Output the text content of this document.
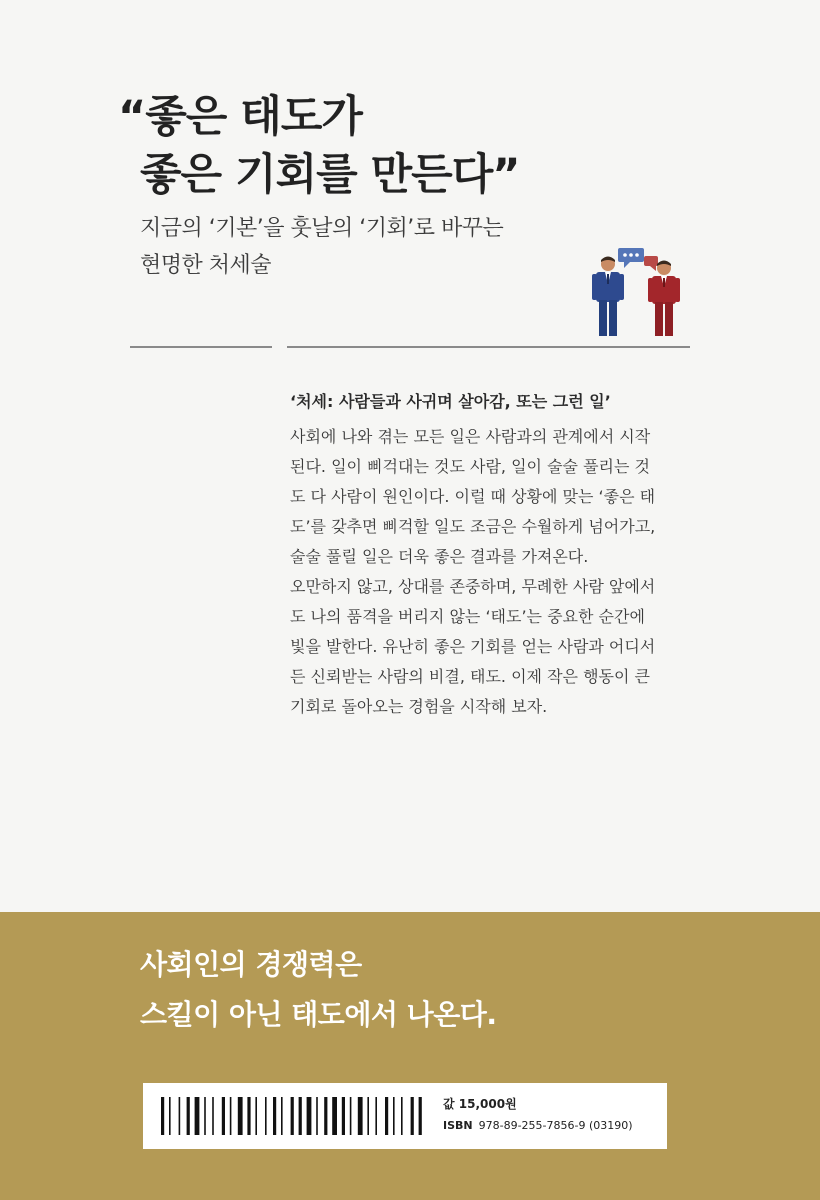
“좋은 태도가
좋은 기회를 만든다”

지금의 ‘기본’을 훗날의 ‘기회’로 바꾸는
현명한 처세술

‘처세: 사람들과 사귀며 살아감, 또는 그런 일’

사회에 나와 겪는 모든 일은 사람과의 관계에서 시작
된다. 일이 삐걱대는 것도 사람, 일이 술술 풀리는 것
도 다 사람이 원인이다. 이럴 때 상황에 맞는 ‘좋은 태
도’를 갖추면 삐걱할 일도 조금은 수월하게 넘어가고,
술술 풀릴 일은 더욱 좋은 결과를 가져온다.

오만하지 않고, 상대를 존중하며, 무례한 사람 앞에서
도 나의 품격을 버리지 않는 ‘태도’는 중요한 순간에
빛을 발한다. 유난히 좋은 기회를 얻는 사람과 어디서
든 신뢰받는 사람의 비결, 태도. 이제 작은 행동이 큰
기회로 돌아오는 경험을 시작해 보자.

사회인의 경쟁력은
스킬이 아닌 태도에서 나온다.

값 15,000원

ISBN 978-89-255-7856-9 (03190)
